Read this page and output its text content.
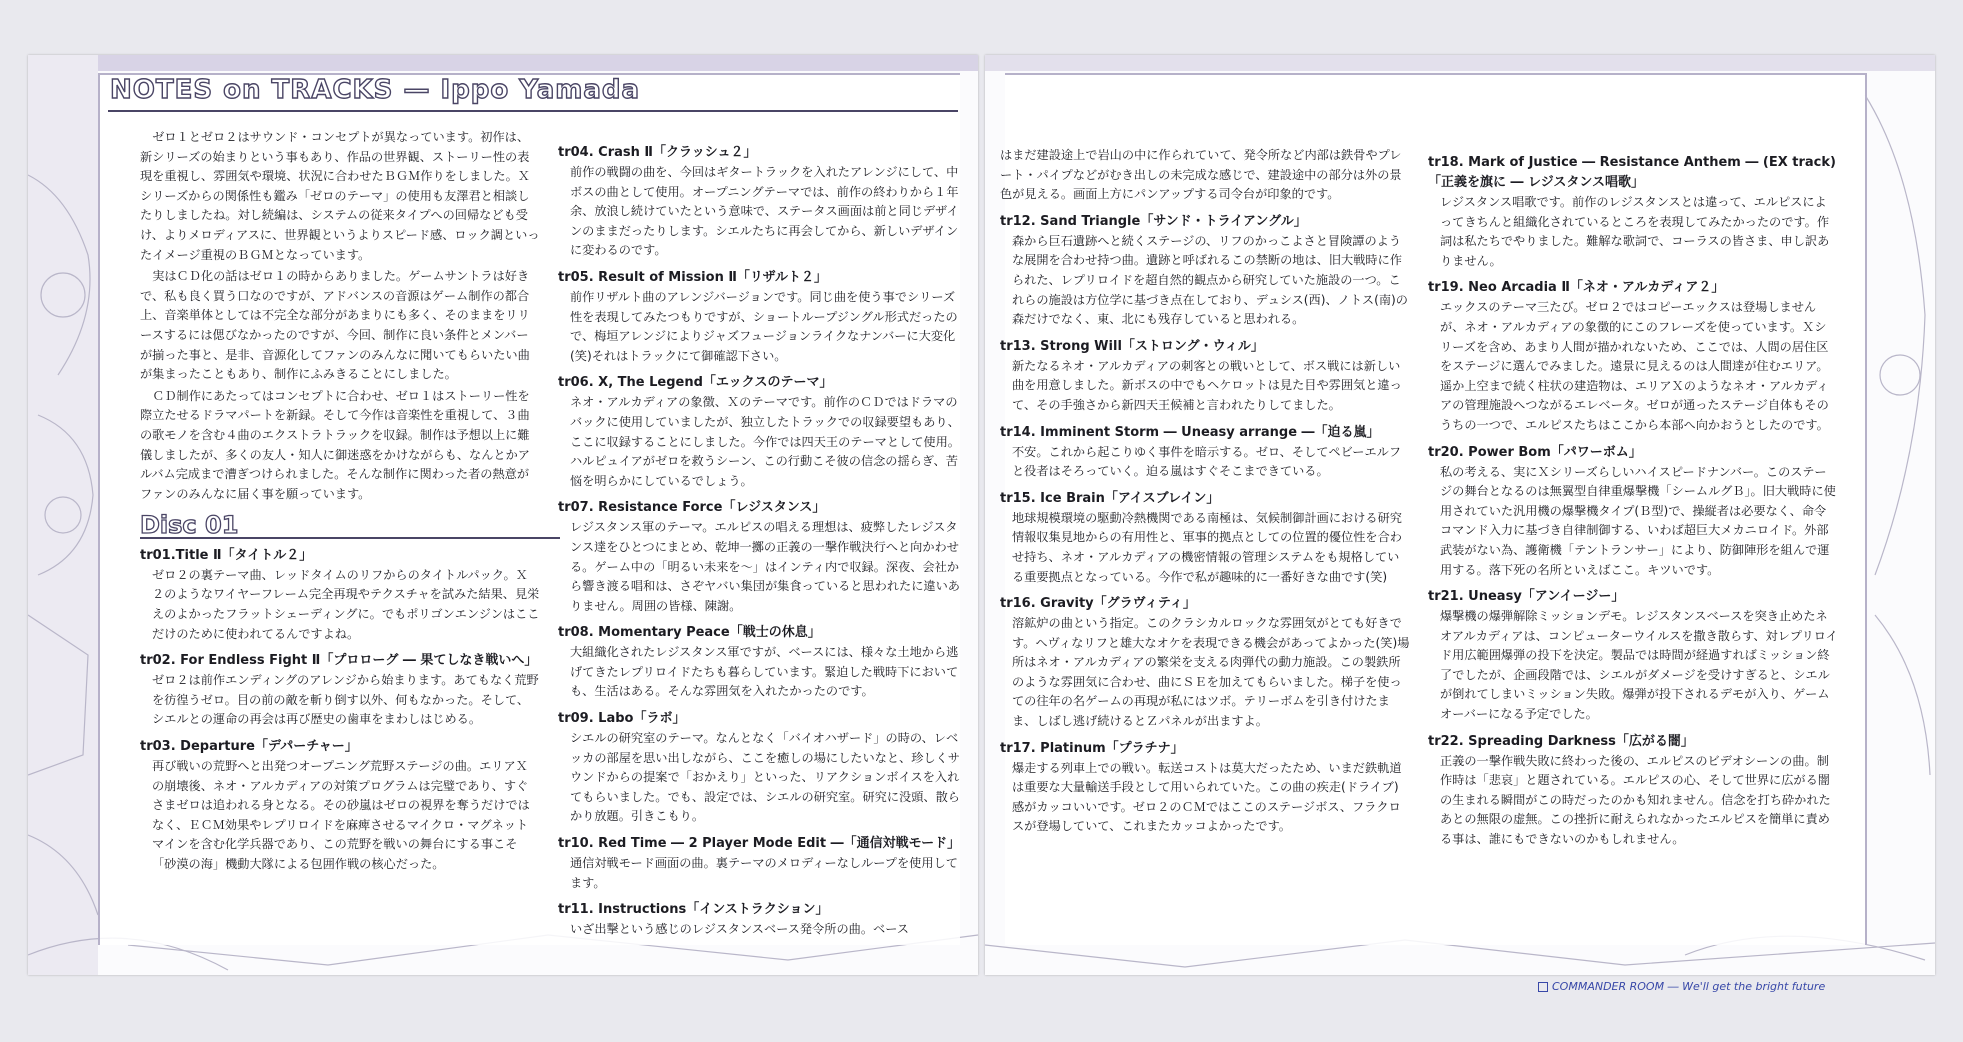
NOTES on TRACKS — Ippo Yamada

ゼロ１とゼロ２はサウンド・コンセプトが異なっています。初作は、新シリーズの始まりという事もあり、作品の世界観、ストーリー性の表現を重視し、雰囲気や環境、状況に合わせたＢＧＭ作りをしました。Ｘシリーズからの関係性も鑑み「ゼロのテーマ」の使用も友澤君と相談したりしましたね。対し続編は、システムの従来タイプへの回帰なども受け、よりメロディアスに、世界観というよりスピード感、ロック調といったイメージ重視のＢＧＭとなっています。

実はＣＤ化の話はゼロ１の時からありました。ゲームサントラは好きで、私も良く買う口なのですが、アドバンスの音源はゲーム制作の都合上、音楽単体としては不完全な部分があまりにも多く、そのままをリリースするには偲びなかったのですが、今回、制作に良い条件とメンバーが揃った事と、是非、音源化してファンのみんなに聞いてもらいたい曲が集まったこともあり、制作にふみきることにしました。

ＣＤ制作にあたってはコンセプトに合わせ、ゼロ１はストーリー性を際立たせるドラマパートを新録。そして今作は音楽性を重視して、３曲の歌モノを含む４曲のエクストラトラックを収録。制作は予想以上に難儀しましたが、多くの友人・知人に御迷惑をかけながらも、なんとかアルバム完成まで漕ぎつけられました。そんな制作に関わった者の熱意がファンのみんなに届く事を願っています。

Disc 01
tr01.Title Ⅱ「タイトル２」
ゼロ２の裏テーマ曲、レッドタイムのリフからのタイトルパック。Ｘ２のようなワイヤーフレーム完全再現やテクスチャを試みた結果、見栄えのよかったフラットシェーディングに。でもポリゴンエンジンはここだけのために使われてるんですよね。
tr02. For Endless Fight Ⅱ「プロローグ ― 果てしなき戦いへ」
ゼロ２は前作エンディングのアレンジから始まります。あてもなく荒野を彷徨うゼロ。目の前の敵を斬り倒す以外、何もなかった。そして、シエルとの運命の再会は再び歴史の歯車をまわしはじめる。
tr03. Departure「デパーチャー」
再び戦いの荒野へと出発つオープニング荒野ステージの曲。エリアＸの崩壊後、ネオ・アルカディアの対策プログラムは完璧であり、すぐさまゼロは追われる身となる。その砂嵐はゼロの視界を奪うだけではなく、ＥＣＭ効果やレプリロイドを麻痺させるマイクロ・マグネットマインを含む化学兵器であり、この荒野を戦いの舞台にする事こそ「砂漠の海」機動大隊による包囲作戦の核心だった。
tr04. Crash Ⅱ「クラッシュ２」
前作の戦闘の曲を、今回はギタートラックを入れたアレンジにして、中ボスの曲として使用。オープニングテーマでは、前作の終わりから１年余、放浪し続けていたという意味で、ステータス画面は前と同じデザインのままだったりします。シエルたちに再会してから、新しいデザインに変わるのです。
tr05. Result of Mission Ⅱ「リザルト２」
前作リザルト曲のアレンジバージョンです。同じ曲を使う事でシリーズ性を表現してみたつもりですが、ショートループジングル形式だったので、梅垣アレンジによりジャズフュージョンライクなナンバーに大変化(笑)それはトラックにて御確認下さい。
tr06. X, The Legend「エックスのテーマ」
ネオ・アルカディアの象徴、Ｘのテーマです。前作のＣＤではドラマのバックに使用していましたが、独立したトラックでの収録要望もあり、ここに収録することにしました。今作では四天王のテーマとして使用。ハルピュイアがゼロを救うシーン、この行動こそ彼の信念の揺らぎ、苦悩を明らかにしているでしょう。
tr07. Resistance Force「レジスタンス」
レジスタンス軍のテーマ。エルピスの唱える理想は、疲弊したレジスタンス達をひとつにまとめ、乾坤一擲の正義の一撃作戦決行へと向かわせる。ゲーム中の「明るい未来を～」はインティ内で収録。深夜、会社から響き渡る唱和は、さぞヤバい集団が集食っていると思われたに違いありません。周囲の皆様、陳謝。
tr08. Momentary Peace「戦士の休息」
大組織化されたレジスタンス軍ですが、ベースには、様々な土地から逃げてきたレプリロイドたちも暮らしています。緊迫した戦時下においても、生活はある。そんな雰囲気を入れたかったのです。
tr09. Labo「ラボ」
シエルの研究室のテーマ。なんとなく「バイオハザード」の時の、レベッカの部屋を思い出しながら、ここを癒しの場にしたいなと、珍しくサウンドからの提案で「おかえり」といった、リアクションボイスを入れてもらいました。でも、設定では、シエルの研究室。研究に没頭、散らかり放題。引きこもり。
tr10. Red Time ― 2 Player Mode Edit ―「通信対戦モード」
通信対戦モード画面の曲。裏テーマのメロディーなしループを使用してます。
tr11. Instructions「インストラクション」
いざ出撃という感じのレジスタンスベース発令所の曲。ベース
はまだ建設途上で岩山の中に作られていて、発令所など内部は鉄骨やプレート・パイプなどがむき出しの未完成な感じで、建設途中の部分は外の景色が見える。画面上方にパンアップする司令台が印象的です。
tr12. Sand Triangle「サンド・トライアングル」
森から巨石遺跡へと続くステージの、リフのかっこよさと冒険譚のような展開を合わせ持つ曲。遺跡と呼ばれるこの禁断の地は、旧大戦時に作られた、レプリロイドを超自然的観点から研究していた施設の一つ。これらの施設は方位学に基づき点在しており、デュシス(西)、ノトス(南)の森だけでなく、東、北にも残存していると思われる。
tr13. Strong Will「ストロング・ウィル」
新たなるネオ・アルカディアの刺客との戦いとして、ボス戦には新しい曲を用意しました。新ボスの中でもヘケロットは見た目や雰囲気と違って、その手強さから新四天王候補と言われたりしてました。
tr14. Imminent Storm ― Uneasy arrange ―「迫る嵐」
不安。これから起こりゆく事件を暗示する。ゼロ、そしてペビーエルフと役者はそろっていく。迫る嵐はすぐそこまできている。
tr15. Ice Brain「アイスブレイン」
地球規模環境の駆動冷熱機関である南極は、気候制御計画における研究情報収集見地からの有用性と、軍事的拠点としての位置的優位性を合わせ持ち、ネオ・アルカディアの機密情報の管理システムをも規格している重要拠点となっている。今作で私が趣味的に一番好きな曲です(笑)
tr16. Gravity「グラヴィティ」
溶鉱炉の曲という指定。このクラシカルロックな雰囲気がとても好きです。ヘヴィなリフと雄大なオケを表現できる機会があってよかった(笑)場所はネオ・アルカディアの繁栄を支える肉弾代の動力施設。この製鉄所のような雰囲気に合わせ、曲にＳＥを加えてもらいました。梯子を使っての往年の名ゲームの再現が私にはツボ。テリーボムを引き付けたまま、しばし逃げ続けるとＺパネルが出ますよ。
tr17. Platinum「プラチナ」
爆走する列車上での戦い。転送コストは莫大だったため、いまだ鉄軌道は重要な大量輸送手段として用いられていた。この曲の疾走(ドライブ)感がカッコいいです。ゼロ２のＣＭではここのステージボス、フラクロスが登場していて、これまたカッコよかったです。
tr18. Mark of Justice ― Resistance Anthem ― (EX track)「正義を旗に ― レジスタンス唱歌」
レジスタンス唱歌です。前作のレジスタンスとは違って、エルピスによってきちんと組織化されているところを表現してみたかったのです。作詞は私たちでやりました。難解な歌詞で、コーラスの皆さま、申し訳ありません。
tr19. Neo Arcadia Ⅱ「ネオ・アルカディア２」
エックスのテーマ三たび。ゼロ２ではコピーエックスは登場しませんが、ネオ・アルカディアの象徴的にこのフレーズを使っています。Ｘシリーズを含め、あまり人間が描かれないため、ここでは、人間の居住区をステージに選んでみました。遠景に見えるのは人間達が住むエリア。遥か上空まで続く柱状の建造物は、エリアＸのようなネオ・アルカディアの管理施設へつながるエレベータ。ゼロが通ったステージ自体もそのうちの一つで、エルピスたちはここから本部へ向かおうとしたのです。
tr20. Power Bom「パワーボム」
私の考える、実にＸシリーズらしいハイスピードナンバー。このステージの舞台となるのは無翼型自律重爆撃機「シームルグＢ」。旧大戦時に使用されていた汎用機の爆撃機タイプ(Ｂ型)で、操縦者は必要なく、命令コマンド入力に基づき自律制御する、いわば超巨大メカニロイド。外部武装がない為、護衛機「テントランサー」により、防御陣形を組んで運用する。落下死の名所といえばここ。キツいです。
tr21. Uneasy「アンイージー」
爆撃機の爆弾解除ミッションデモ。レジスタンスベースを突き止めたネオアルカディアは、コンピューターウイルスを撒き散らす、対レプリロイド用広範囲爆弾の投下を決定。製品では時間が経過すればミッション終了でしたが、企画段階では、シエルがダメージを受けすぎると、シエルが倒れてしまいミッション失敗。爆弾が投下されるデモが入り、ゲームオーバーになる予定でした。
tr22. Spreading Darkness「広がる闇」
正義の一撃作戦失敗に終わった後の、エルピスのビデオシーンの曲。制作時は「悲哀」と題されている。エルピスの心、そして世界に広がる闇の生まれる瞬間がこの時だったのかも知れません。信念を打ち砕かれたあとの無限の虚無。この挫折に耐えられなかったエルピスを簡単に責める事は、誰にもできないのかもしれません。
COMMANDER ROOM ― We'll get the bright future
